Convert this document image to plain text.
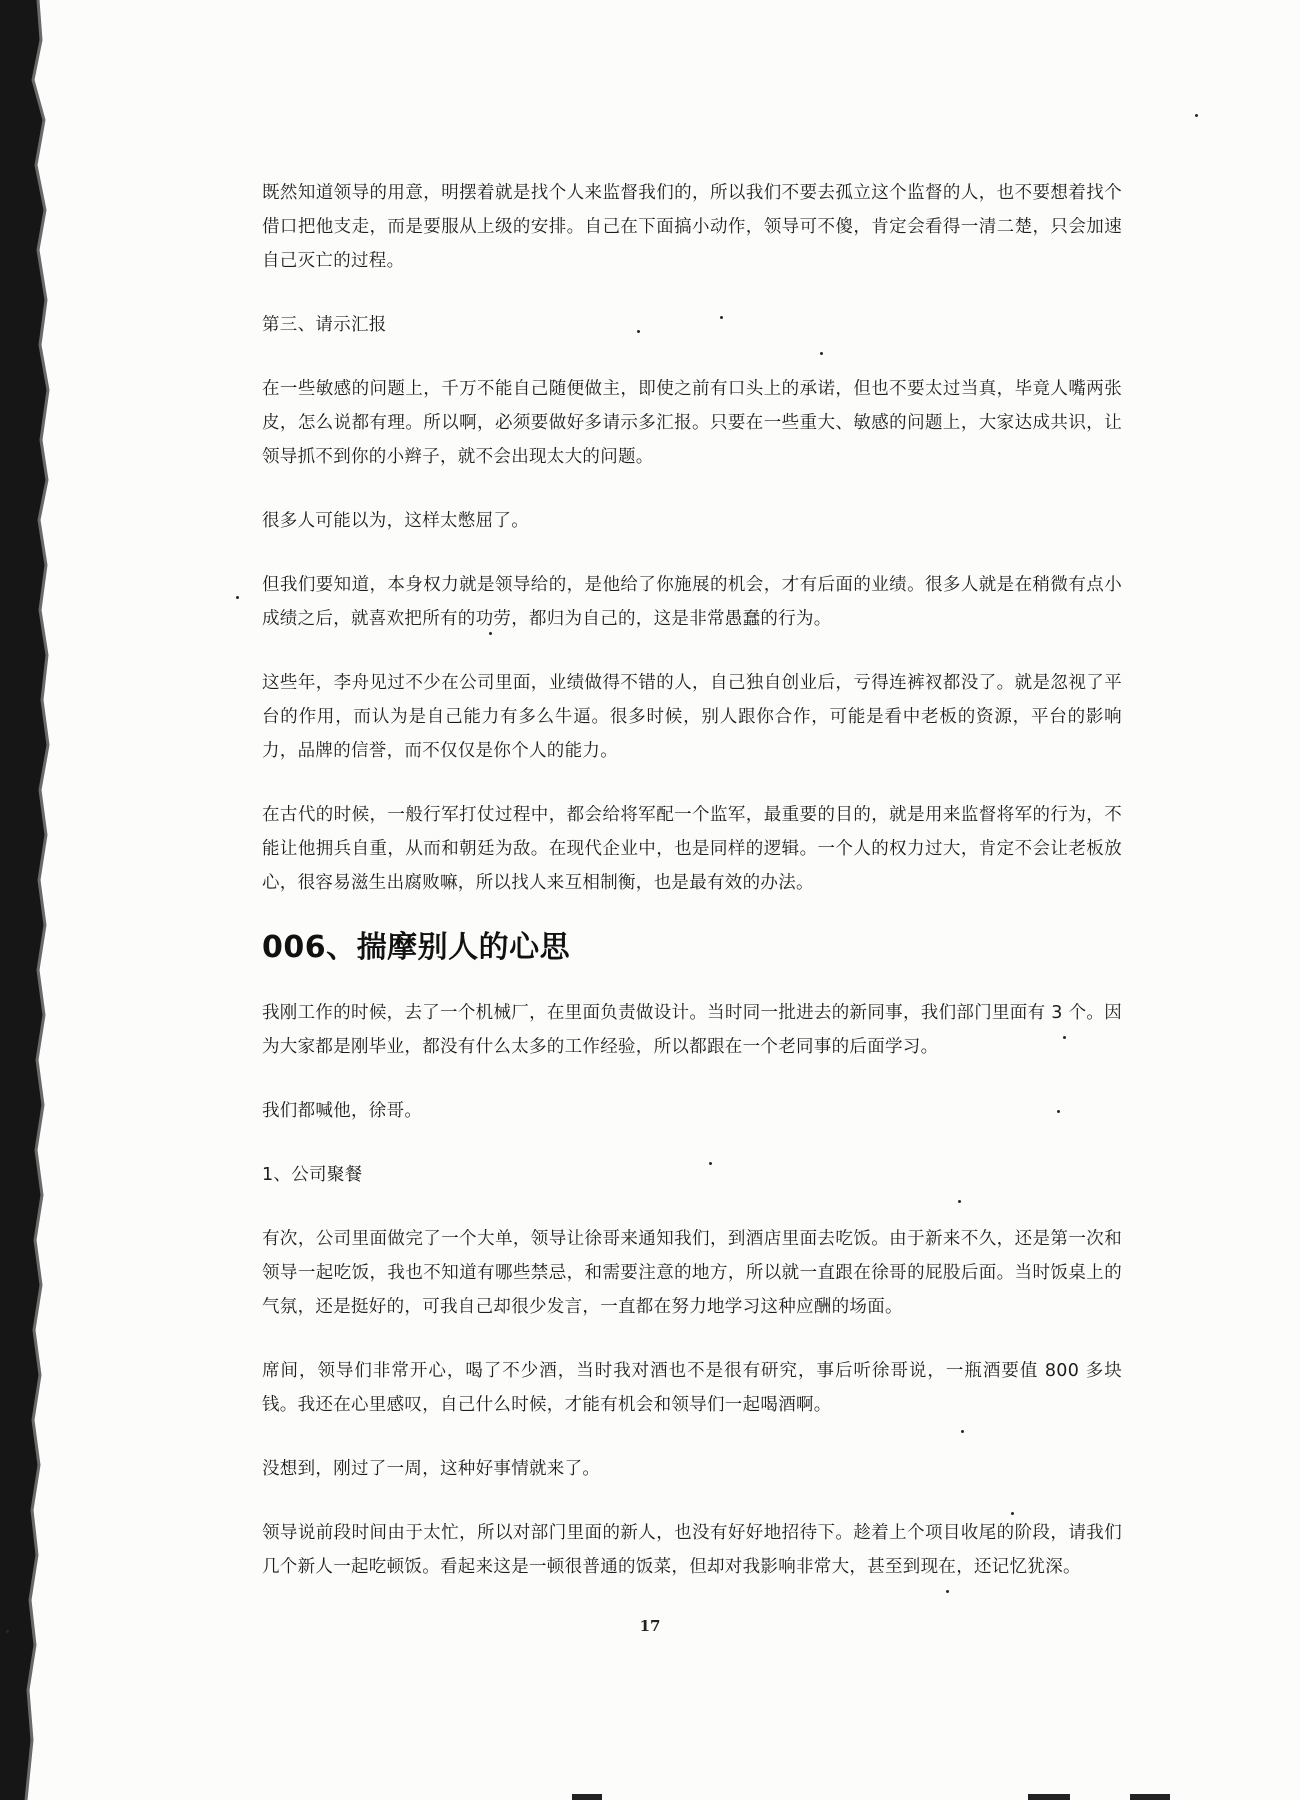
既然知道领导的用意，明摆着就是找个人来监督我们的，所以我们不要去孤立这个监督的人，也不要想着找个借口把他支走，而是要服从上级的安排。自己在下面搞小动作，领导可不傻，肯定会看得一清二楚，只会加速自己灭亡的过程。

第三、请示汇报

在一些敏感的问题上，千万不能自己随便做主，即使之前有口头上的承诺，但也不要太过当真，毕竟人嘴两张皮，怎么说都有理。所以啊，必须要做好多请示多汇报。只要在一些重大、敏感的问题上，大家达成共识，让领导抓不到你的小辫子，就不会出现太大的问题。

很多人可能以为，这样太憋屈了。

但我们要知道，本身权力就是领导给的，是他给了你施展的机会，才有后面的业绩。很多人就是在稍微有点小成绩之后，就喜欢把所有的功劳，都归为自己的，这是非常愚蠢的行为。

这些年，李舟见过不少在公司里面，业绩做得不错的人，自己独自创业后，亏得连裤衩都没了。就是忽视了平台的作用，而认为是自己能力有多么牛逼。很多时候，别人跟你合作，可能是看中老板的资源，平台的影响力，品牌的信誉，而不仅仅是你个人的能力。

在古代的时候，一般行军打仗过程中，都会给将军配一个监军，最重要的目的，就是用来监督将军的行为，不能让他拥兵自重，从而和朝廷为敌。在现代企业中，也是同样的逻辑。一个人的权力过大，肯定不会让老板放心，很容易滋生出腐败嘛，所以找人来互相制衡，也是最有效的办法。

006、揣摩别人的心思

我刚工作的时候，去了一个机械厂，在里面负责做设计。当时同一批进去的新同事，我们部门里面有 3 个。因为大家都是刚毕业，都没有什么太多的工作经验，所以都跟在一个老同事的后面学习。

我们都喊他，徐哥。

1、公司聚餐

有次，公司里面做完了一个大单，领导让徐哥来通知我们，到酒店里面去吃饭。由于新来不久，还是第一次和领导一起吃饭，我也不知道有哪些禁忌，和需要注意的地方，所以就一直跟在徐哥的屁股后面。当时饭桌上的气氛，还是挺好的，可我自己却很少发言，一直都在努力地学习这种应酬的场面。

席间，领导们非常开心，喝了不少酒，当时我对酒也不是很有研究，事后听徐哥说，一瓶酒要值 800 多块钱。我还在心里感叹，自己什么时候，才能有机会和领导们一起喝酒啊。

没想到，刚过了一周，这种好事情就来了。

领导说前段时间由于太忙，所以对部门里面的新人，也没有好好地招待下。趁着上个项目收尾的阶段，请我们几个新人一起吃顿饭。看起来这是一顿很普通的饭菜，但却对我影响非常大，甚至到现在，还记忆犹深。

17
